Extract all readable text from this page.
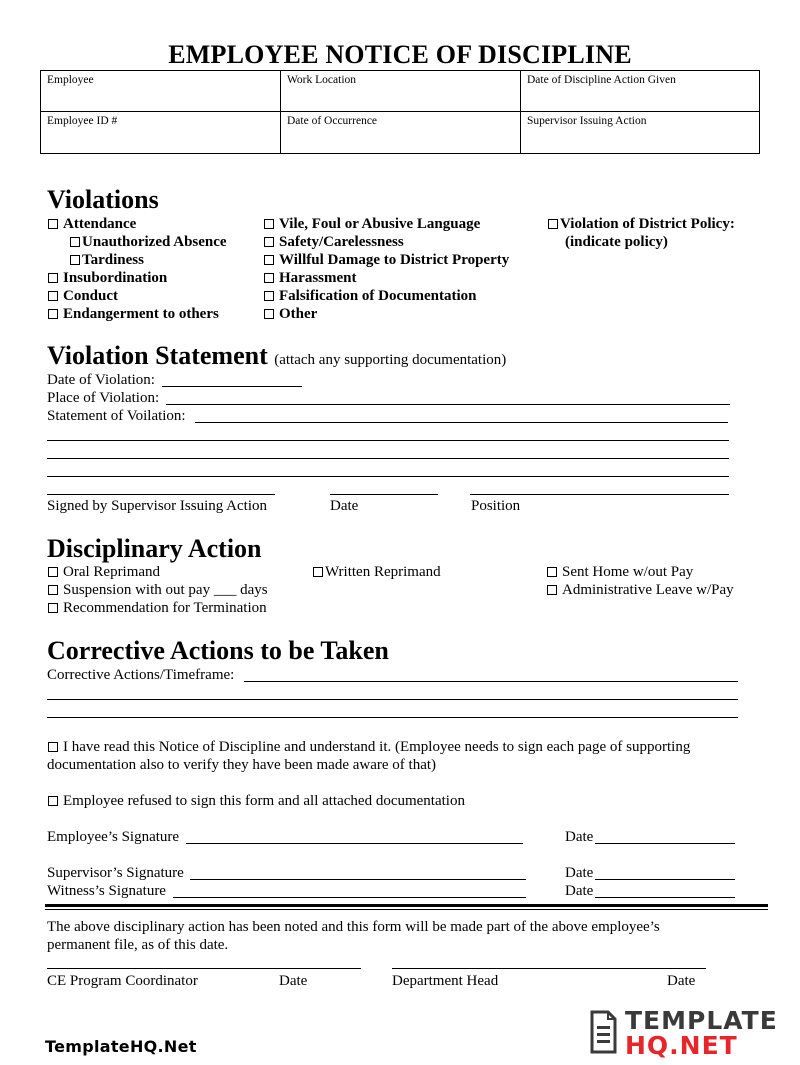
EMPLOYEE NOTICE OF DISCIPLINE
Employee	Work Location	Date of Discipline Action Given
Employee ID #	Date of Occurrence	Supervisor Issuing Action
Violations
Attendance
Unauthorized Absence
Tardiness
Insubordination
Conduct
Endangerment to others
Vile, Foul or Abusive Language
Safety/Carelessness
Willful Damage to District Property
Harassment
Falsification of Documentation
Other
Violation of District Policy:
(indicate policy)
Violation Statement (attach any supporting documentation)
Date of Violation:
Place of Violation:
Statement of Voilation:
Signed by Supervisor Issuing Action	Date	Position
Disciplinary Action
Oral Reprimand	Written Reprimand	Sent Home w/out Pay
Suspension with out pay ___ days	Administrative Leave w/Pay
Recommendation for Termination
Corrective Actions to be Taken
Corrective Actions/Timeframe:
I have read this Notice of Discipline and understand it. (Employee needs to sign each page of supporting
documentation also to verify they have been made aware of that)
Employee refused to sign this form and all attached documentation
Employee’s Signature	Date
Supervisor’s Signature	Date
Witness’s Signature	Date
The above disciplinary action has been noted and this form will be made part of the above employee’s
permanent file, as of this date.
CE Program Coordinator	Date	Department Head	Date
TemplateHQ.Net
TEMPLATE
HQ.NET
